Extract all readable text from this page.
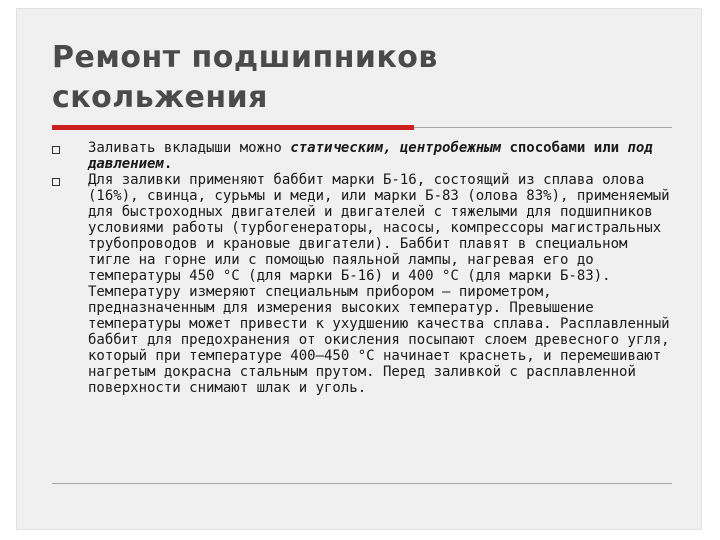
Ремонт подшипников
скольжения
Заливать вкладыши можно статическим, центробежным способами или под давлением.
Для заливки применяют баббит марки Б-16, состоящий из сплава олова (16%), свинца, сурьмы и меди, или марки Б-83 (олова 83%), применяемый для быстроходных двигателей и двигателей с тяжелыми для подшипников условиями работы (турбогенераторы, насосы, компрессоры магистральных трубопроводов и крановые двигатели). Баббит плавят в специальном тигле на горне или с помощью паяльной лампы, нагревая его до температуры 450 °С (для марки Б-16) и 400 °С (для марки Б-83). Температуру измеряют специальным прибором — пирометром, предназначенным для измерения высоких температур. Превышение температуры может привести к ухудшению качества сплава. Расплавленный баббит для предохранения от окисления посыпают слоем древесного угля, который при температуре 400—450 °С начинает краснеть, и перемешивают нагретым докрасна стальным прутом. Перед заливкой с расплавленной поверхности снимают шлак и уголь.
